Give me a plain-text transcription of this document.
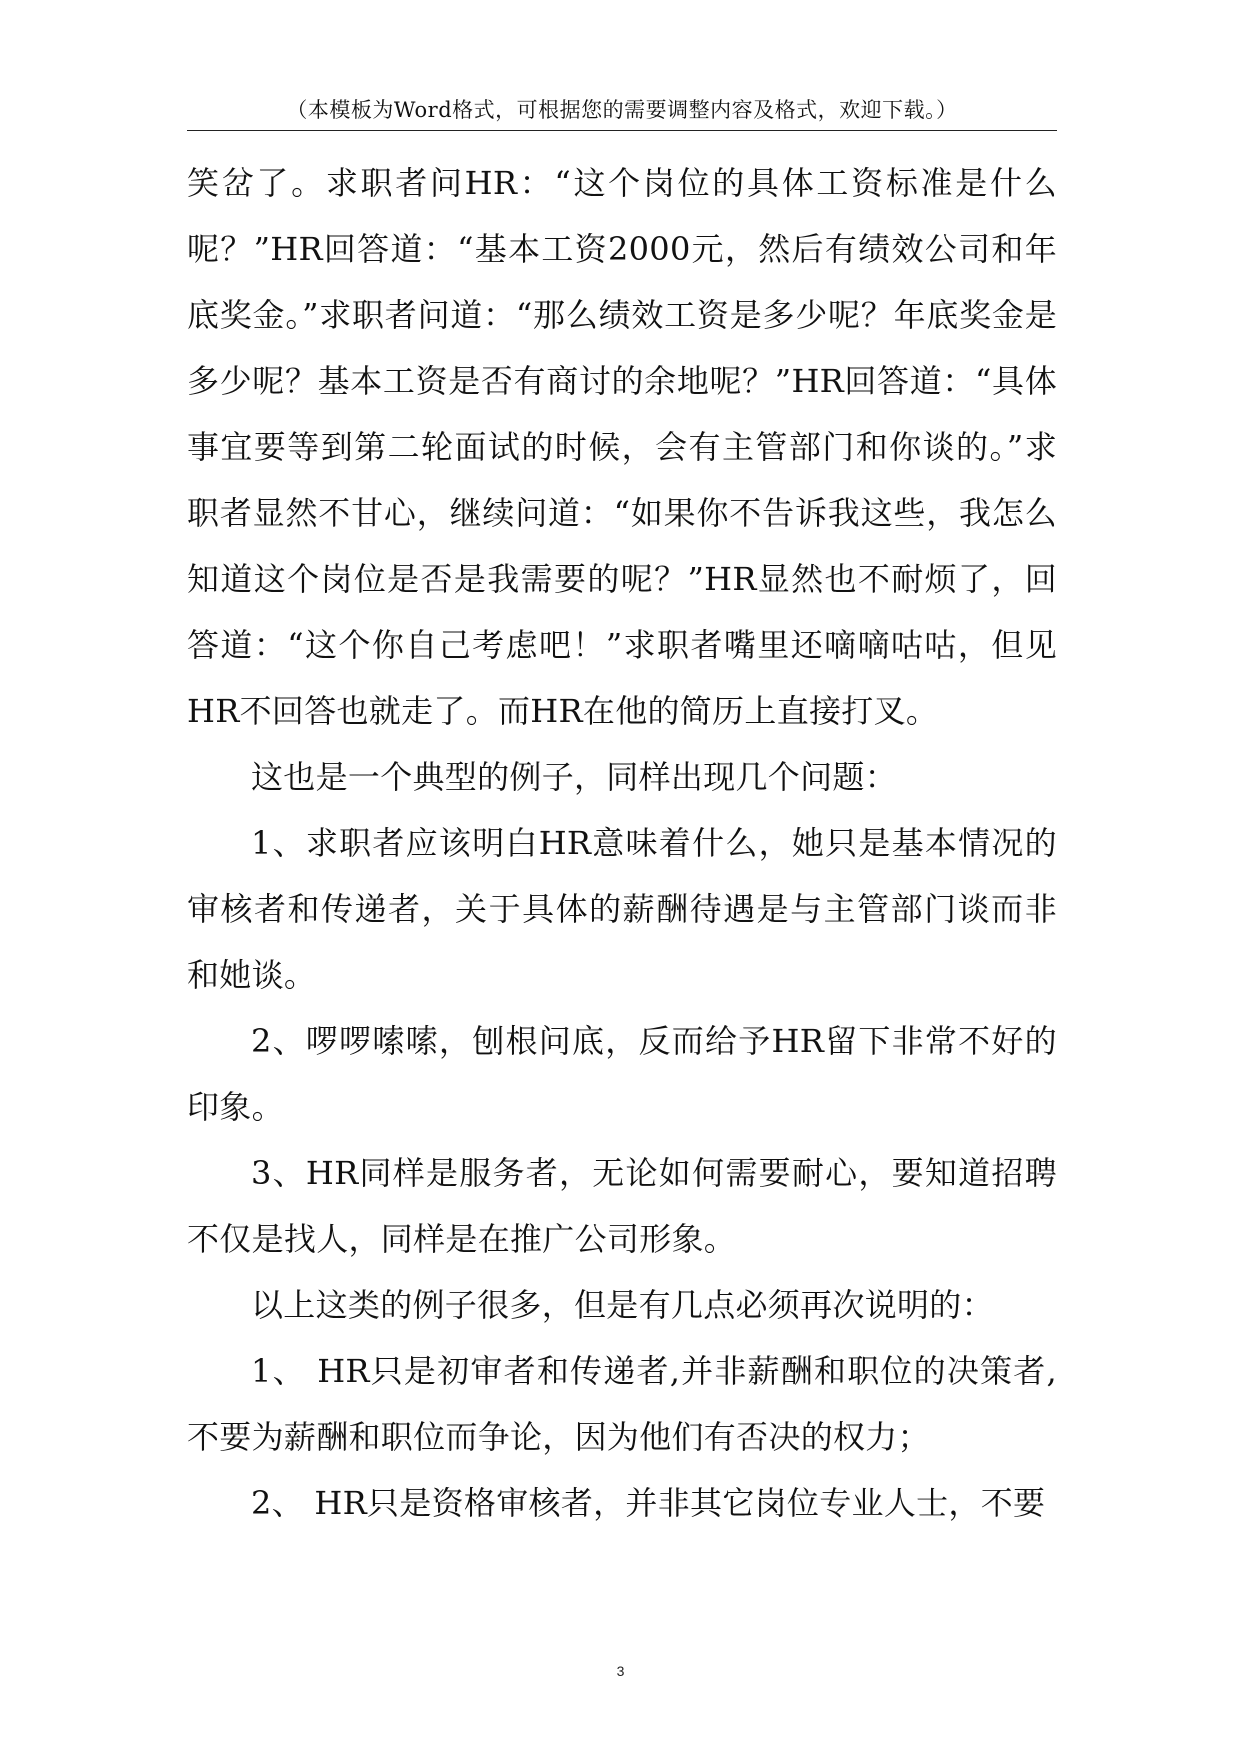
（本模板为Word格式，可根据您的需要调整内容及格式，欢迎下载。）

笑岔了。求职者问HR：“这个岗位的具体工资标准是什么呢？”HR回答道：“基本工资2000元，然后有绩效公司和年底奖金。”求职者问道：“那么绩效工资是多少呢？年底奖金是多少呢？基本工资是否有商讨的余地呢？”HR回答道：“具体事宜要等到第二轮面试的时候，会有主管部门和你谈的。”求职者显然不甘心，继续问道：“如果你不告诉我这些，我怎么知道这个岗位是否是我需要的呢？”HR显然也不耐烦了，回答道：“这个你自己考虑吧！”求职者嘴里还嘀嘀咕咕，但见HR不回答也就走了。而HR在他的简历上直接打叉。

这也是一个典型的例子，同样出现几个问题：

1、求职者应该明白HR意味着什么，她只是基本情况的审核者和传递者，关于具体的薪酬待遇是与主管部门谈而非和她谈。

2、啰啰嗦嗦，刨根问底，反而给予HR留下非常不好的印象。

3、HR同样是服务者，无论如何需要耐心，要知道招聘不仅是找人，同样是在推广公司形象。

以上这类的例子很多，但是有几点必须再次说明的：

1、 HR只是初审者和传递者,并非薪酬和职位的决策者,不要为薪酬和职位而争论，因为他们有否决的权力；

2、 HR只是资格审核者，并非其它岗位专业人士，不要

3
